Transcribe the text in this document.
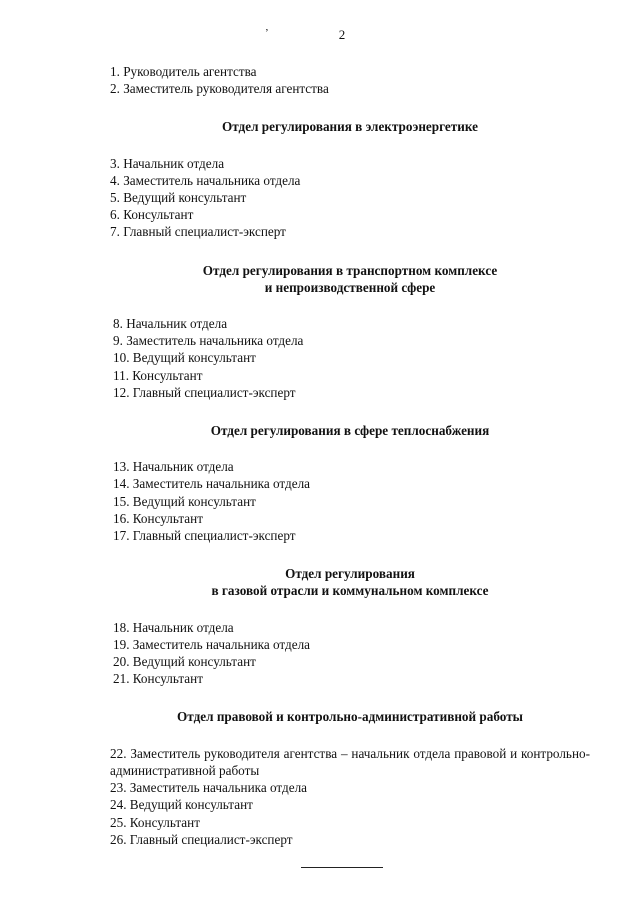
’	2
1. Руководитель агентства
2. Заместитель руководителя агентства
Отдел регулирования в электроэнергетике
3. Начальник отдела
4. Заместитель начальника отдела
5. Ведущий консультант
6. Консультант
7. Главный специалист-эксперт
Отдел регулирования в транспортном комплексе
и непроизводственной сфере
8. Начальник отдела
9. Заместитель начальника отдела
10. Ведущий консультант
11. Консультант
12. Главный специалист-эксперт
Отдел регулирования в сфере теплоснабжения
13. Начальник отдела
14. Заместитель начальника отдела
15. Ведущий консультант
16. Консультант
17. Главный специалист-эксперт
Отдел регулирования
в газовой отрасли и коммунальном комплексе
18. Начальник отдела
19. Заместитель начальника отдела
20. Ведущий консультант
21. Консультант
Отдел правовой и контрольно-административной работы
22. Заместитель руководителя агентства – начальник отдела правовой и контрольно-административной работы
23. Заместитель начальника отдела
24. Ведущий консультант
25. Консультант
26. Главный специалист-эксперт
